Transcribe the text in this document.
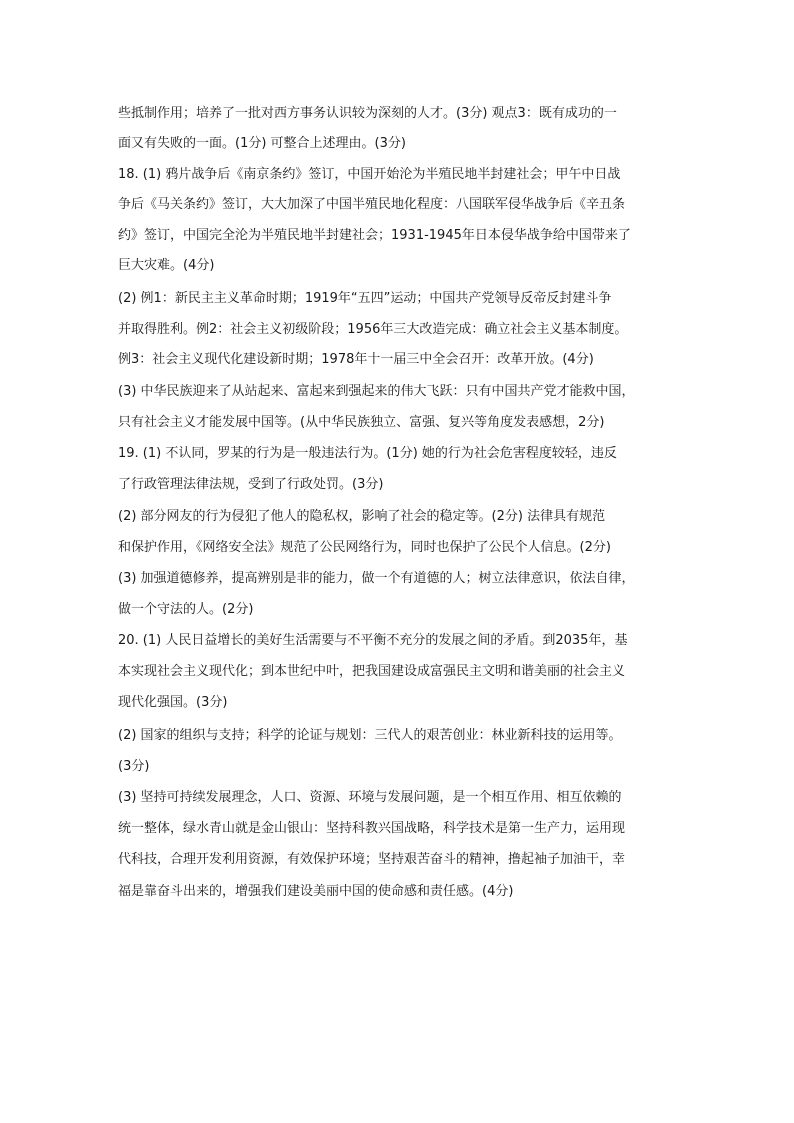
些抵制作用；培养了一批对西方事务认识较为深刻的人才。(3分) 观点3：既有成功的一
面又有失败的一面。(1分) 可整合上述理由。(3分)
18. (1) 鸦片战争后《南京条约》签订，中国开始沦为半殖民地半封建社会；甲午中日战
争后《马关条约》签订，大大加深了中国半殖民地化程度：八国联军侵华战争后《辛丑条
约》签订，中国完全沦为半殖民地半封建社会；1931-1945年日本侵华战争给中国带来了
巨大灾难。(4分)
(2) 例1：新民主主义革命时期；1919年“五四”运动；中国共产党领导反帝反封建斗争
并取得胜利。例2：社会主义初级阶段；1956年三大改造完成：确立社会主义基本制度。
例3：社会主义现代化建设新时期；1978年十一届三中全会召开：改革开放。(4分)
(3) 中华民族迎来了从站起来、富起来到强起来的伟大飞跃：只有中国共产党才能救中国，
只有社会主义才能发展中国等。(从中华民族独立、富强、复兴等角度发表感想，2分)
19. (1) 不认同，罗某的行为是一般违法行为。(1分) 她的行为社会危害程度较轻，违反
了行政管理法律法规，受到了行政处罚。(3分)
(2) 部分网友的行为侵犯了他人的隐私权，影响了社会的稳定等。(2分) 法律具有规范
和保护作用，《网络安全法》规范了公民网络行为，同时也保护了公民个人信息。(2分)
(3) 加强道德修养，提高辨别是非的能力，做一个有道德的人；树立法律意识，依法自律，
做一个守法的人。(2分)
20. (1) 人民日益增长的美好生活需要与不平衡不充分的发展之间的矛盾。到2035年，基
本实现社会主义现代化；到本世纪中叶，把我国建设成富强民主文明和谐美丽的社会主义
现代化强国。(3分)
(2) 国家的组织与支持；科学的论证与规划：三代人的艰苦创业：林业新科技的运用等。
(3分)
(3) 坚持可持续发展理念，人口、资源、环境与发展问题，是一个相互作用、相互依赖的
统一整体，绿水青山就是金山银山：坚持科教兴国战略，科学技术是第一生产力，运用现
代科技，合理开发利用资源，有效保护环境；坚持艰苦奋斗的精神，撸起袖子加油干，幸
福是靠奋斗出来的，增强我们建设美丽中国的使命感和责任感。(4分)
